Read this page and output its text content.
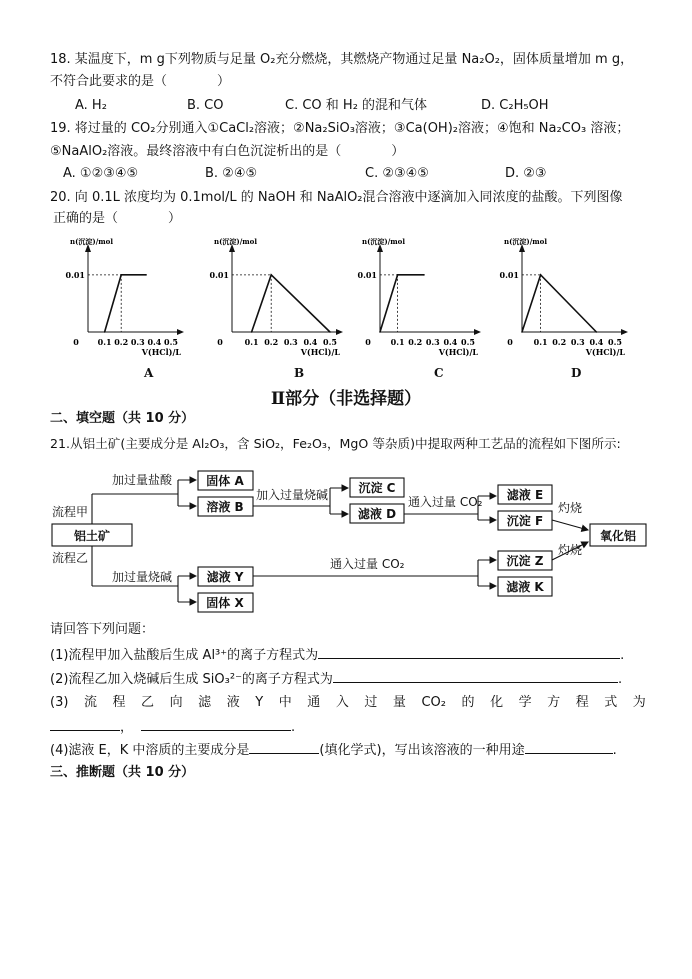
18. 某温度下，m g下列物质与足量 O₂充分燃烧，其燃烧产物通过足量 Na₂O₂，固体质量增加 m g，
不符合此要求的是（	）
A. H₂	B. CO	C. CO 和 H₂ 的混和气体	D. C₂H₅OH
19. 将过量的 CO₂分别通入①CaCl₂溶液；②Na₂SiO₃溶液；③Ca(OH)₂溶液；④饱和 Na₂CO₃ 溶液；
⑤NaAlO₂溶液。最终溶液中有白色沉淀析出的是（	）
A. ①②③④⑤	B. ②④⑤	C. ②③④⑤	D. ②③
20. 向 0.1L 浓度均为 0.1mol/L 的 NaOH 和 NaAlO₂混合溶液中逐滴加入同浓度的盐酸。下列图像
正确的是（	）
n(沉淀)/mol
0.01
0 0.1 0.2 0.3 0.4 0.5
V(HCl)/L
n(沉淀)/mol
0.01
0	0.1 0.2 0.3 0.4 0.5
V(HCl)/L
n(沉淀)/mol
0.01
0 0.1 0.2 0.3 0.4 0.5
V(HCl)/L
n(沉淀)/mol
0.01
0	0.1 0.2 0.3 0.4 0.5
V(HCl)/L
A	B	C	D
Ⅱ部分（非选择题）
二、填空题（共 10 分）
21.从铝土矿(主要成分是 Al₂O₃，含 SiO₂，Fe₂O₃，MgO 等杂质)中提取两种工艺品的流程如下图所示:
流程甲
流程乙
铝土矿
加过量盐酸	固体 A
溶液 B
加入过量烧碱	沉淀 C
滤液 D
通入过量 CO₂ 滤液 E
沉淀 F
灼烧
氧化铝
灼烧
加过量烧碱	滤液 Y
固体 X
通入过量 CO₂	沉淀 Z
滤液 K
请回答下列问题：
(1)流程甲加入盐酸后生成 Al³⁺的离子方程式为	.
(2)流程乙加入烧碱后生成 SiO₃²⁻的离子方程式为	.
(3) 流 程 乙 向 滤 液 Y 中 通 入 过 量 CO₂ 的 化 学 方 程 式 为
，	.
(4)滤液 E，K 中溶质的主要成分是	(填化学式)，写出该溶液的一种用途	.
三、推断题（共 10 分）
